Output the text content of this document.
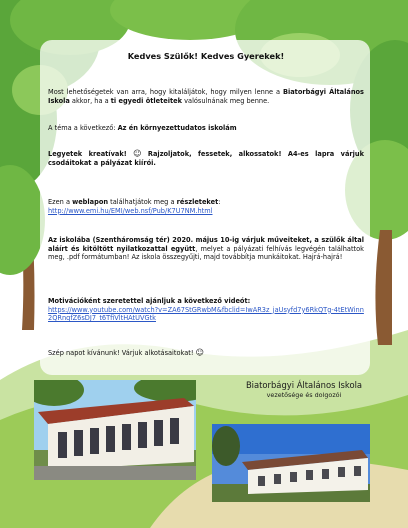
Kedves Szülők! Kedves Gyerekek!

Most lehetőségetek van arra, hogy kitaláljátok, hogy milyen lenne a Biatorbágyi Általános Iskola akkor, ha a ti egyedi ötleteitek valósulnának meg benne.

A téma a következő: Az én környezettudatos iskolám

Legyetek kreatívak! ☺ Rajzoljatok, fessetek, alkossatok! A4-es lapra várjuk csodáitokat a pályázat kiírói.

Ezen a weblapon találhatjátok meg a részleteket:
http://www.emi.hu/EMI/web.nsf/Pub/K7U7NM.html

Az iskolába (Szentháromság tér) 2020. május 10-ig várjuk műveiteket, a szülők által aláírt és kitöltött nyilatkozattal együtt, melyet a pályázati felhívás legvégén találhattok meg, .pdf formátumban! Az iskola összegyűjti, majd továbbítja munkáitokat. Hajrá-hajrá!

Motivációként szeretettel ajánljuk a következő videót:
https://www.youtube.com/watch?v=ZA67StGRwbM&fbclid=IwAR3z_jaUsyfd7y6RkQTg-4tEtWinn2QRnqfZ6sDJ7_t6TfiVltHAtUVGtk

Szép napot kívánunk! Várjuk alkotásaitokat! ☺

Biatorbágyi Általános Iskola
vezetősége és dolgozói
